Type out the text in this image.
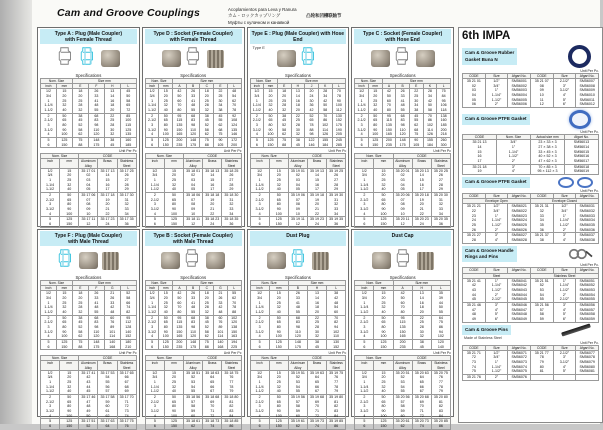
Cam and Groove Couplings	Acoplamientos para Leva y Ranura
カム・ロックカップリング	凸轮和凹槽联轴节
Муфты с кулачком и канавкой
Type A : Plug (Male Coupler)
with Female Thread
Specifications
Nom. Size		Size mm			
inch	mm	E	F	H	L

1/2
3/4
1
1-1/4
1-1/2

15
20
25
32
40

18
20
25
28
32

26
33
41
48
55

13
14
16
18
20

45
50
58
65
72

2
2-1/2
3
3-1/2
4

50
65
80
90
100

38
45
52
58
62

68
83
98
110
120

22
25
28
30
32

85
100
115
125
135

5
6

125
150

75
88

148
175

38
45

160
185
Unit Per Pc
Nom. Size		CODE		
inch	mm	Aluminum Alloy	Brass	Stainless Steel

1/2
3/4
1
1-1/4
1-1/2

15
20
25
32
40

35 17 01
02
03
04
05

35 17 13
14
15
16
17

35 17 25
26
27
28
29

2
2-1/2
3
3-1/2
4

50
65
80
90
100

35 17 06
07
08
09
10

35 17 18
19
20
21
22

35 17 30
31
32
33
34

5
6

125
150

35 17 11
12

35 17 23
24

35 17 35
36
Type D : Socket (Female Coupler)
with Female Thread
Specifications
Nom. Size		Size mm				
inch	mm	A	B	C	E	L

1/2
3/4
1
1-1/4
1-1/2

15
20
25
32
40

42
50
60
70
80

26
33
41
48
55

18
20
25
28
32

22
25
30
34
38

48
54
62
70
78

2
2-1/2
3
3-1/2
4

50
65
80
90
100

95
115
135
150
165

68
83
98
110
120

38
45
52
58
62

45
55
62
68
75

92
108
124
135
146

5
6

125
150

200
235

148
175

75
88

90
105

172
200
Unit Per Pc
Nom. Size		CODE		
inch	mm	Aluminum Alloy	Brass	Stainless Steel

1/2
3/4
1
1-1/4
1-1/2

15
20
25
32
40

35 18 01
02
03
04
05

35 18 13
14
15
16
17

35 18 25
26
27
28
29

2
2-1/2
3
3-1/2
4

50
65
80
90
100

35 18 06
07
08
09
10

35 18 18
19
20
21
22

35 18 30
31
32
33
34

5
6

125
150

35 18 11
12

35 18 23
24

35 18 35
36
Type E : Plug (Male Coupler) with Hose End
Type E
Specifications
Nom. Size		Size mm				
inch	mm	E	H	J	K	L

1/2
3/4
1
1-1/4
1-1/2

15
20
25
32
40

18
20
25
28
32

13
14
16
18
20

20
24
30
36
42

28
34
42
50
58

70
78
90
100
112

2
2-1/2
3
3-1/2
4

50
65
80
90
100

38
45
52
58
62

22
25
28
30
32

52
65
78
88
98

70
86
102
114
126

130
152
175
190
205

5
6

125
150

75
88

38
45

122
146

155
184

245
285
Unit Per Pc
Nom. Size		CODE		
inch	mm	Aluminum Alloy	Brass	Stainless Steel

1/2
3/4
1
1-1/4
1-1/2

15
20
25
32
40

35 19 01
02
03
04
05

35 19 13
14
15
16
17

35 19 25
26
27
28
29

2
2-1/2
3
3-1/2
4

50
65
80
90
100

35 19 06
07
08
09
10

35 19 18
19
20
21
22

35 19 30
31
32
33
34

5
6

125
150

35 19 11
12

35 19 23
24

35 19 35
36
Type C : Socket (Female Coupler)
with Hose End
Specifications
Nom. Size		Size mm				
inch	mm	A	B	E	K	L

1/2
3/4
1
1-1/4
1-1/2

15
20
25
32
40

42
50
60
70
80

26
33
41
48
55

22
25
30
34
38

28
34
42
50
58

75
84
95
106
118

2
2-1/2
3
3-1/2
4

50
65
80
90
100

95
115
135
150
165

68
83
98
110
120

45
55
62
68
75

70
86
102
114
126

138
160
185
200
218

5
6

125
150

200
235

148
175

90
105

155
184

260
300
Unit Per Pc
Nom. Size		CODE		
inch	mm	Aluminum Alloy	Brass	Stainless Steel

1/2
3/4
1
1-1/4
1-1/2

15
20
25
32
40

35 20 01
02
03
04
05

35 20 13
14
15
16
17

35 20 25
26
27
28
29

2
2-1/2
3
3-1/2
4

50
65
80
90
100

35 20 06
07
08
09
10

35 20 18
19
20
21
22

35 20 30
31
32
33
34

5
6

125
150

35 20 11
12

35 20 23
24

35 20 35
36
Type F : Plug (Male Coupler)
with Male Thread
Specifications
Nom. Size		Size mm			
inch	mm	E	F	G	L

1/2
3/4
1
1-1/4
1-1/2

15
20
25
32
40

18
20
25
28
32

26
33
41
48
55

21
26
33
42
48

52
58
66
74
82

2
2-1/2
3
3-1/2
4

50
65
80
90
100

38
45
52
58
62

68
83
98
110
120

60
76
89
101
114

95
112
128
140
152

5
6

125
150

75
88

148
175

140
168

180
210
Unit Per Pc
Nom. Size		CODE		
inch	mm	Aluminum Alloy	Brass	Stainless Steel

1/2
3/4
1
1-1/4
1-1/2

15
20
25
32
40

35 17 41
42
43
44
45

35 17 53
54
55
56
57

35 17 65
66
67
68
69

2
2-1/2
3
3-1/2
4

50
65
80
90
100

35 17 46
47
48
49
50

35 17 58
59
60
61
62

35 17 70
71
72
73
74

5
6

125
150

35 17 51
52

35 17 63
64

35 17 75
76
Type B : Socket (Female Coupler)
with Male Thread
Specifications
Nom. Size		Size mm				
inch	mm	A	B	C	G	L

1/2
3/4
1
1-1/4
1-1/2

15
20
25
32
40

42
50
60
70
80

26
33
41
48
55

18
20
25
28
32

21
26
33
42
48

55
62
70
78
88

2
2-1/2
3
3-1/2
4

50
65
80
90
100

95
115
135
150
165

68
83
98
110
120

38
45
52
58
62

60
76
89
101
114

102
120
138
150
163

5
6

125
150

200
235

148
175

75
88

140
168

194
225
Unit Per Pc
Nom. Size		CODE		
inch	mm	Aluminum Alloy	Brass	Stainless Steel

1/2
3/4
1
1-1/4
1-1/2

15
20
25
32
40

35 18 51
52
53
54
55

35 18 63
64
65
66
67

35 18 75
76
77
78
79

2
2-1/2
3
3-1/2
4

50
65
80
90
100

35 18 56
57
58
59
60

35 18 68
69
70
71
72

35 18 80
81
82
83
84

5
6

125
150

35 18 61
62

35 18 73
74

35 18 85
86
Dust Plug
Specifications
Nom. Size		Size mm		
inch	mm	B	H	L

1/2
3/4
1
1-1/4
1-1/2

15
20
25
32
40

26
33
41
48
55

13
14
16
18
20

38
42
48
54
60

2
2-1/2
3
3-1/2
4

50
65
80
90
100

68
83
98
110
120

22
25
28
30
32

70
82
94
102
110

5
6

125
150

148
175

38
45

130
152
Unit Per Pc
Nom. Size		CODE		
inch	mm	Aluminum Alloy	Brass	Stainless Steel

1/2
3/4
1
1-1/4
1-1/2

15
20
25
32
40

35 19 51
52
53
54
55

35 19 63
64
65
66
67

35 19 75
76
77
78
79

2
2-1/2
3
3-1/2
4

50
65
80
90
100

35 19 56
57
58
59
60

35 19 68
69
70
71
72

35 19 80
81
82
83
84

5
6

125
150

35 19 61
62

35 19 73
74

35 19 85
86
Dust Cap
Specifications
Nom. Size		Size mm		
inch	mm	A	H	L

1/2
3/4
1
1-1/4
1-1/2

15
20
25
32
40

42
50
60
70
80

13
14
16
18
20

35
39
44
50
55

2
2-1/2
3
3-1/2
4

50
65
80
90
100

95
115
135
150
165

22
25
28
30
32

64
75
86
94
102

5
6

125
150

200
235

38
45

120
140
Unit Per Pc
Nom. Size		CODE		
inch	mm	Aluminum Alloy	Brass	Stainless Steel

1/2
3/4
1
1-1/4
1-1/2

15
20
25
32
40

35 20 51
52
53
54
55

35 20 63
64
65
66
67

35 20 75
76
77
78
79

2
2-1/2
3
3-1/2
4

50
65
80
90
100

35 20 56
57
58
59
60

35 20 68
69
70
71
72

35 20 80
81
82
83
84

5
6

125
150

35 20 61
62

35 20 73
74

35 20 85
86
6th IMPA
Cam & Groove Rubber
Gasket Buna N
Unit Per Pc.
CODE	Size	Afgart No.	CODE	Size	Afgart No.

35 21 01
02
03
04
05
06

1/2"
3/4"
1"
1-1/4"
1-1/2"
2"

SM56001
SM56002
SM56003
SM56004
SM56005
SM56006

35 21 07
08
09
10
11
12

2-1/2"
3"
3-1/2"
4"
5"
6"

SM56007
SM56008
SM56009
SM56010
SM56011
SM56012
Cam & Groove PTFE Gasket
Unit Per Pc.
CODE	Nom. Size	Actual size mm	Afgart No.

35 21 13
14
15
16
17

3/4"
1"
1-1/4"
1-1/2"
2"

23 × 33 × 3
27 × 38 × 3
33 × 45 × 3
40 × 52 × 3
47 × 62 × 3

SM56013
SM56014
SM56015
SM56016
SM56017

35 21 18
19

3"
4"

70 × 85 × 3
95 × 112 × 3

SM56018
SM56019
Cam & Groove PTFE Gasket
Unit Per Pc.
CODE	Size	Afgart No.	CODE	Size	Afgart No.
Envelope Open			Envelope Closed		

35 21 21
22
23
24
25
26

1/2"
3/4"
1"
1-1/4"
1-1/2"
2"

SM56021
SM56022
SM56023
SM56024
SM56025
SM56026

35 21 31
32
33
34
35
36

1/2"
3/4"
1"
1-1/4"
1-1/2"
2"

SM56031
SM56032
SM56033
SM56034
SM56035
SM56036

35 21 27
28

3"
4"

SM56027
SM56028

35 21 37
38

3"
4"

SM56037
SM56038
Cam & Groove Handle
Rings and Pins
Unit Per Pc.
CODE	Size	Afgart No.	CODE	Size	Afgart No.
Steel			Stainless Steel		

35 21 41
42
43
44
45

1"
1-1/4"
1-1/2"
2"
2-1/2"

SM56041
SM56042
SM56043
SM56044
SM56045

35 21 51
52
53
54
55

1"
1-1/4"
1-1/2"
2"
2-1/2"

SM56051
SM56052
SM56053
SM56054
SM56055

35 21 46
47
48
49

3"
4"
5"
6"

SM56046
SM56047
SM56048
SM56049

35 21 56
57
58
59

3"
4"
5"
6"

SM56056
SM56057
SM56058
SM56059
Cam & Groove Pins
Made of Stainless Steel
Unit Per Pc.
CODE	Size	Afgart No.	CODE	Size	Afgart No.

35 21 71
72
73
74
75

1/2"
3/4"
1"
1-1/4"
1-1/2"

SM56071
SM56072
SM56073
SM56074
SM56075

35 21 77
78
79
80
81

2-1/2"
3"
3-1/2"
4"
5"

SM56077
SM56078
SM56079
SM56080
SM56081

35 21 76	2"	SM56076			
